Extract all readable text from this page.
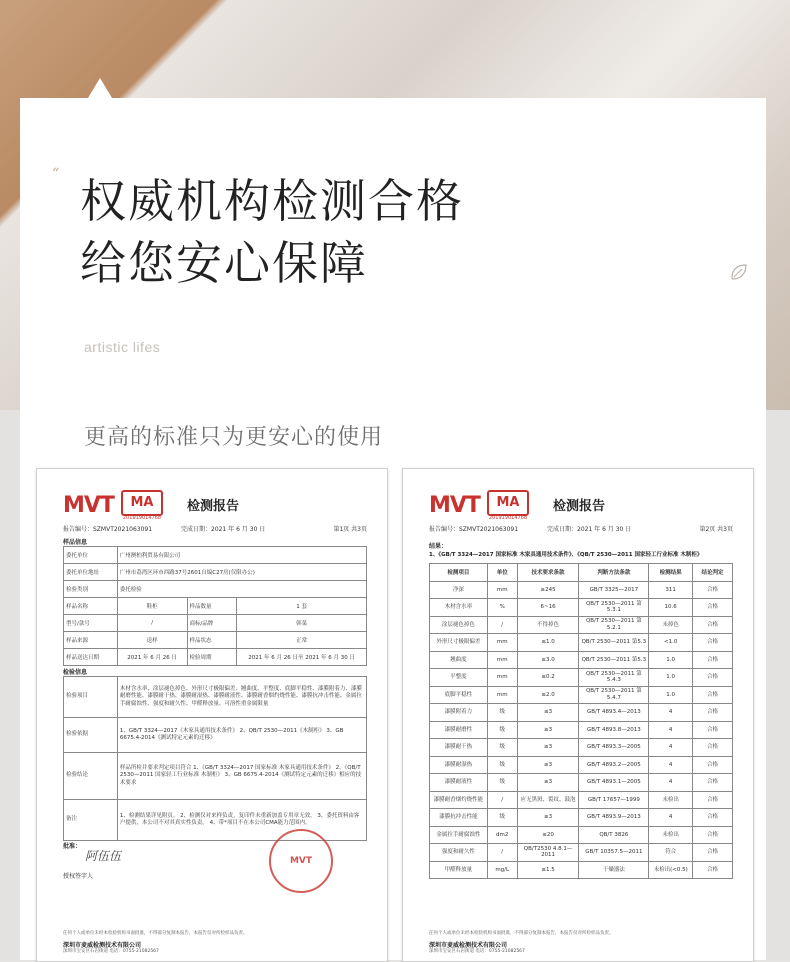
“ 权威机构检测合格
给您安心保障
artistic lifes
更高的标准只为更安心的使用
MVT	MA
201919014768
检测报告
报告编号：SZMVT2021063091	完成日期：2021 年 6 月 30 日	第1页 共3页
样品信息
委托单位	广州澳柏利贸易有限公司		
委托单位地址	广州市荔湾区环市西路37号2601自编C27房(仅限办公)		
检验类别	委托检验		
样品名称	鞋柜	样品数量	1 套
型号/款号	/	商标/品牌	韩菜
样品来源	送样	样品状态	正常
样品送达日期	2021 年 6 月 26 日	检验周期	2021 年 6 月 26 日至 2021 年 6 月 30 日
检验信息
检验项目	木材含水率、涂层褪色掉色、外形尺寸极限偏差、翘曲度、平整度、底脚平稳性、漆膜附着力、漆膜耐磨性能、漆膜耐干热、漆膜耐湿热、漆膜耐液性、漆膜耐香烟灼烧性能、漆膜抗冲击性能、金属拉手耐腐蚀性、强度和耐久性、甲醛释放量、可溶性重金属限量
检验依据	1、GB/T 3324—2017《木家具通用技术条件》 2、QB/T 2530—2011《木制柜》 3、GB 6675.4-2014《测试特定元素的迁移》
检验结论	样品所检并要求判定项目符合 1、《GB/T 3324—2017 国家标准 木家具通用技术条件》 2、《QB/T 2530—2011 国家轻工行业标准 木制柜》 3、GB 6675.4-2014《测试特定元素的迁移》相应的技术要求
备注	1、检测结果详见附页。 2、检测仅对来样负责，复印件未重新加盖专用章无效。 3、委托资料由客户提供，本公司不对其真实性负责。 4、带*项目不在本公司CMA能力范围内。
批准：
阿伍伍
授权签字人
MVT
任何个人或单位未经本检验机构书面批准，不得部分复制本报告，本报告仅对所检样品负责。
深圳市麦威检测技术有限公司
深圳市宝安区石岩街道 电话：0755-21082567
MVT	MA
201919014768
检测报告
报告编号：SZMVT2021063091	完成日期：2021 年 6 月 30 日	第2页 共3页
结果：
1、《GB/T 3324—2017 国家标准 木家具通用技术条件》、《QB/T 2530—2011 国家轻工行业标准 木制柜》
检测项目	单位	技术要求条款	判断方法条款	检测结果	结论判定
净深	mm	≥245	GB/T 3325—2017	311	合格
木材含水率	%	6~16	QB/T 2530—2011 第5.3.1	10.6	合格
涂层褪色掉色	/	不得掉色	QB/T 2530—2011 第5.2.1	未掉色	合格
外形尺寸极限偏差	mm	≤1.0	QB/T 2530—2011 第5.3	<1.0	合格
翘曲度	mm	≤3.0	QB/T 2530—2011 第5.3	1.0	合格
平整度	mm	≤0.2	QB/T 2530—2011 第5.4.3	1.0	合格
底脚平稳性	mm	≤2.0	QB/T 2530—2011 第5.4.7	1.0	合格
漆膜附着力	级	≤3	GB/T 4893.4—2013	4	合格
漆膜耐磨性	级	≥3	GB/T 4893.8—2013	4	合格
漆膜耐干热	级	≥3	GB/T 4893.3—2005	4	合格
漆膜耐湿热	级	≥3	GB/T 4893.2—2005	4	合格
漆膜耐液性	级	≥3	GB/T 4893.1—2005	4	合格
漆膜耐香烟灼烧性能	/	应无黑斑、裂纹、鼓泡	GB/T 17657—1999	未检出	合格
漆膜抗冲击性能	级	≥3	GB/T 4893.9—2013	4	合格
金属拉手耐腐蚀性	dm2	≤20	QB/T 3826	未检出	合格
强度和耐久性	/	QB/T2530 4.8.1—2011	GB/T 10357.5—2011	符合	合格
甲醛释放量	mg/L	≤1.5	干燥器法	未检出(<0.5)	合格
任何个人或单位未经本检验机构书面批准，不得部分复制本报告，本报告仅对所检样品负责。
深圳市麦威检测技术有限公司
深圳市宝安区石岩街道 电话：0755-21082567
